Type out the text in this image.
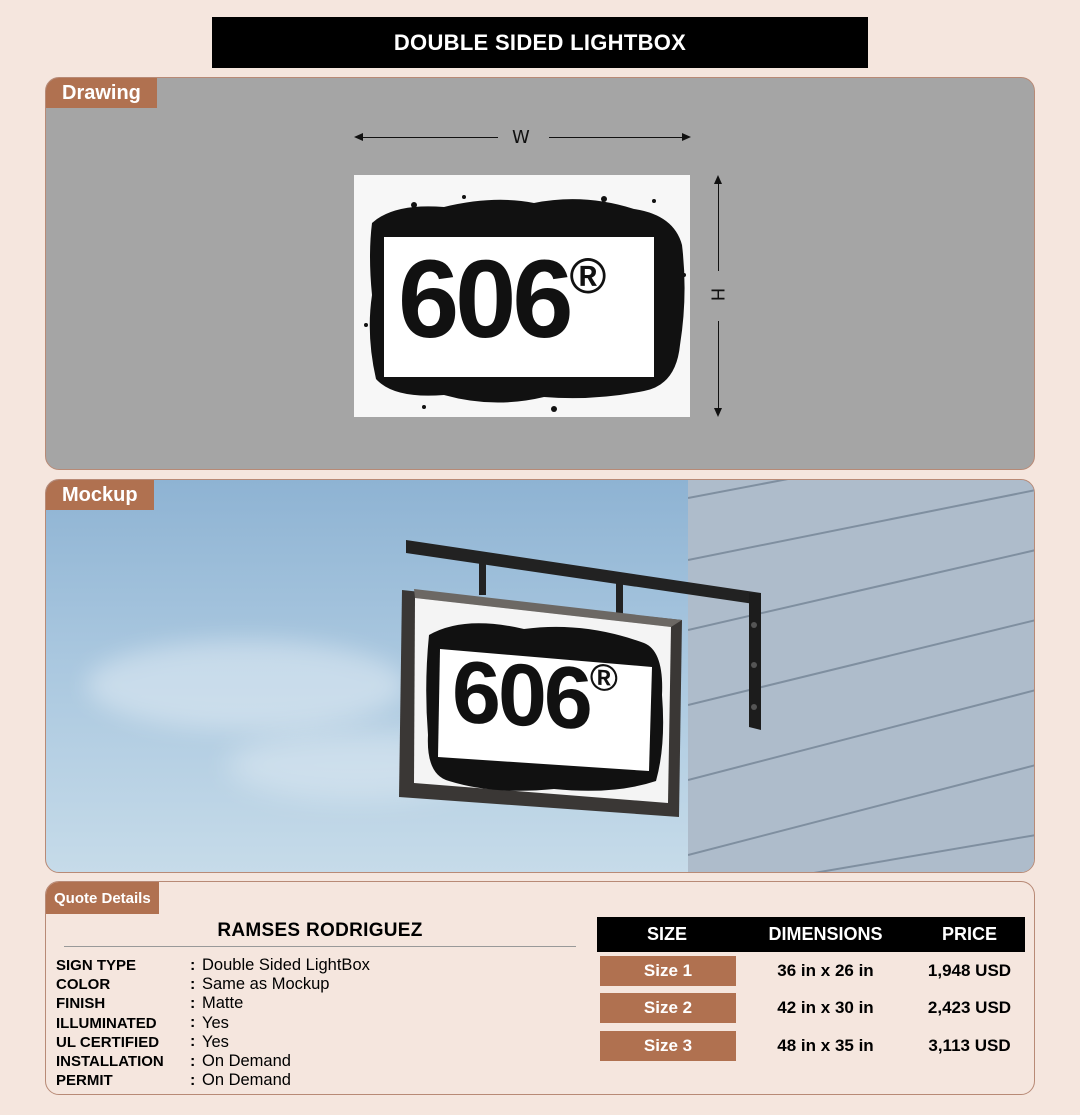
DOUBLE SIDED LIGHTBOX
Drawing
W
H
606®
Mockup
606®
Quote Details
RAMSES RODRIGUEZ
SIGN TYPE	: Double Sided LightBox
COLOR	: Same as Mockup
FINISH	: Matte
ILLUMINATED	: Yes
UL CERTIFIED	: Yes
INSTALLATION	: On Demand
PERMIT	: On Demand
SIZE	DIMENSIONS	PRICE
Size 1	36 in x 26 in	1,948 USD
Size 2	42 in x 30 in	2,423 USD
Size 3	48 in x 35 in	3,113 USD
